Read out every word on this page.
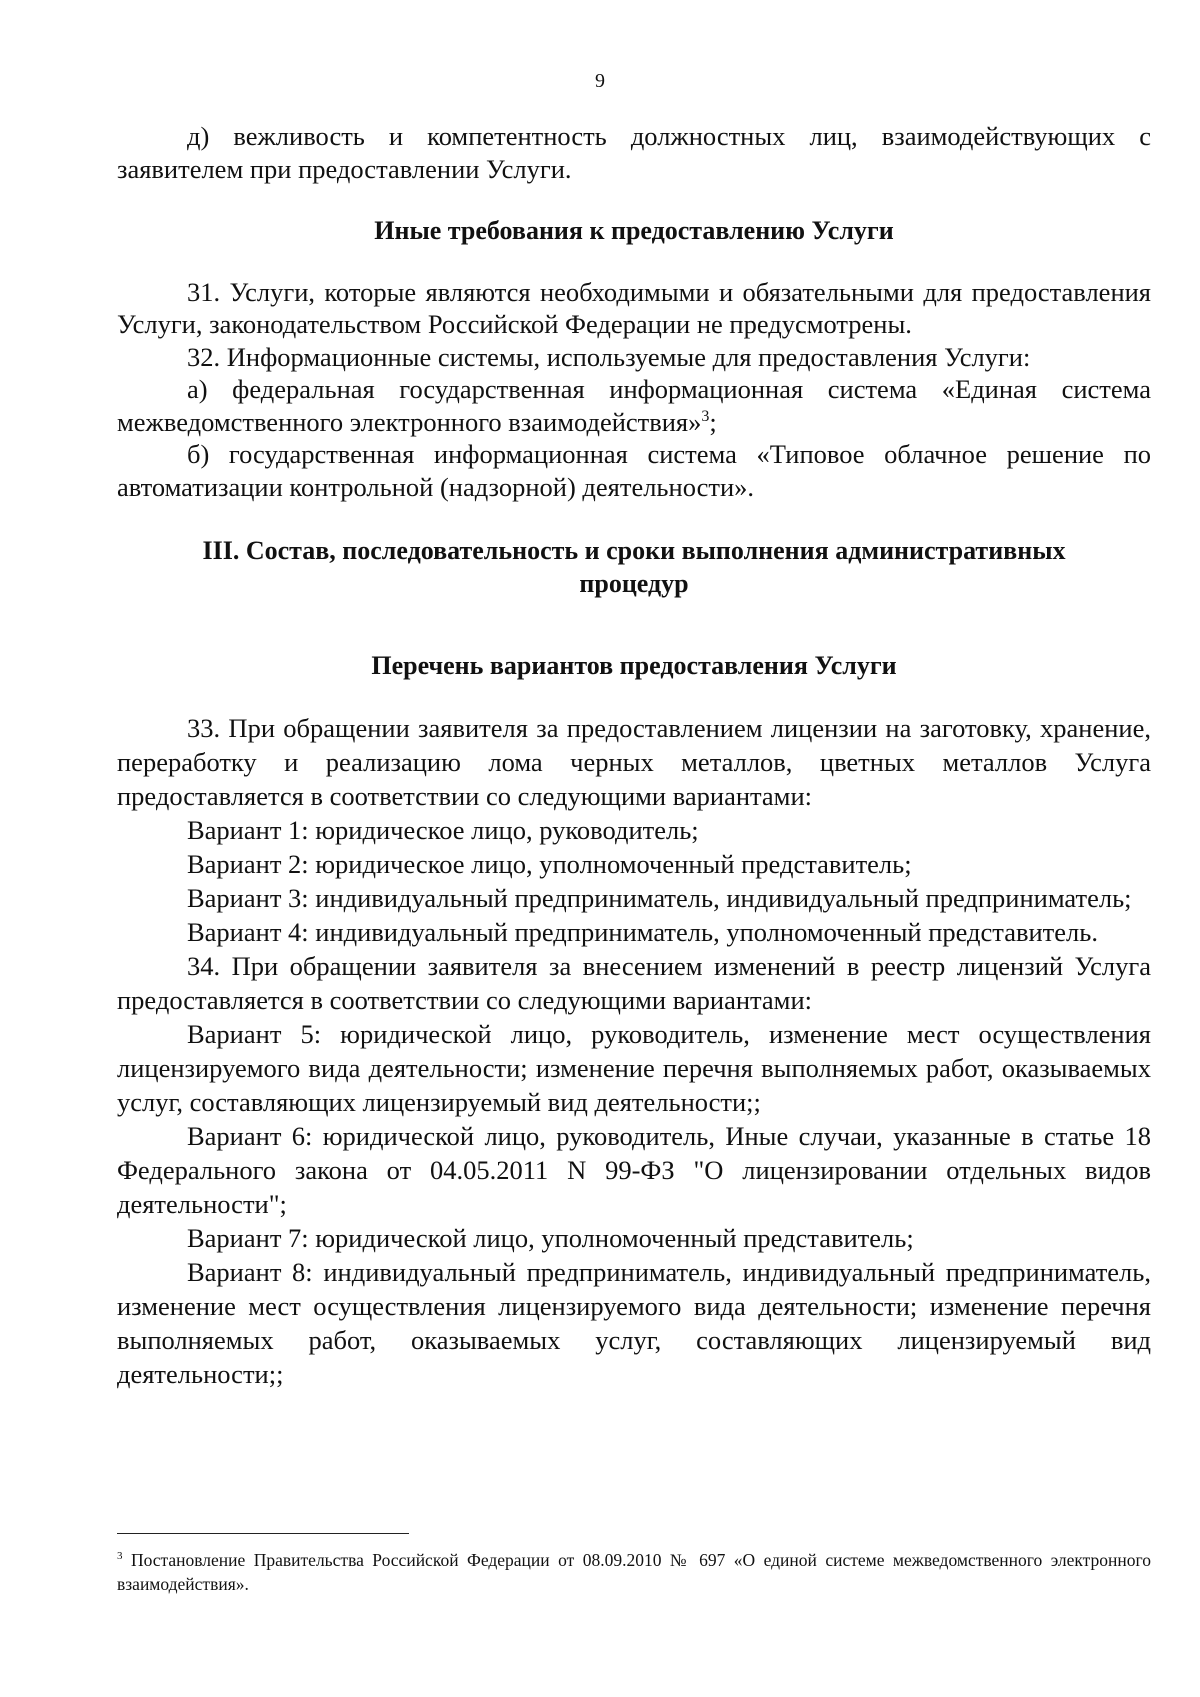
9

д) вежливость и компетентность должностных лиц, взаимодействующих с заявителем при предоставлении Услуги.

Иные требования к предоставлению Услуги

31. Услуги, которые являются необходимыми и обязательными для предоставления Услуги, законодательством Российской Федерации не предусмотрены.

32. Информационные системы, используемые для предоставления Услуги:

а) федеральная государственная информационная система «Единая система межведомственного электронного взаимодействия»$^3$;

б) государственная информационная система «Типовое облачное решение по автоматизации контрольной (надзорной) деятельности».

III. Состав, последовательность и сроки выполнения административных
процедур

Перечень вариантов предоставления Услуги

33. При обращении заявителя за предоставлением лицензии на заготовку, хранение, переработку и реализацию лома черных металлов, цветных металлов Услуга предоставляется в соответствии со следующими вариантами:

Вариант 1: юридическое лицо, руководитель;

Вариант 2: юридическое лицо, уполномоченный представитель;

Вариант 3: индивидуальный предприниматель, индивидуальный предприниматель;

Вариант 4: индивидуальный предприниматель, уполномоченный представитель.

34. При обращении заявителя за внесением изменений в реестр лицензий Услуга предоставляется в соответствии со следующими вариантами:

Вариант 5: юридической лицо, руководитель, изменение мест осуществления лицензируемого вида деятельности; изменение перечня выполняемых работ, оказываемых услуг, составляющих лицензируемый вид деятельности;;

Вариант 6: юридической лицо, руководитель, Иные случаи, указанные в статье 18 Федерального закона от 04.05.2011 N 99-ФЗ "О лицензировании отдельных видов деятельности";

Вариант 7: юридической лицо, уполномоченный представитель;

Вариант 8: индивидуальный предприниматель, индивидуальный предприниматель, изменение мест осуществления лицензируемого вида деятельности; изменение перечня выполняемых работ, оказываемых услуг, составляющих лицензируемый вид деятельности;;

$^3$ Постановление Правительства Российской Федерации от 08.09.2010 № 697 «О единой системе межведомственного электронного взаимодействия».
